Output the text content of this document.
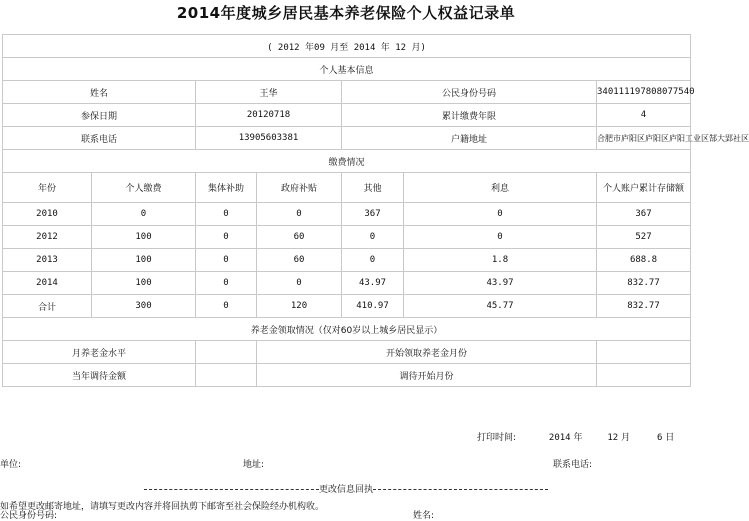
2014年度城乡居民基本养老保险个人权益记录单
( 2012 年09 月至 2014 年 12 月)						
个人基本信息						
姓名		王华		公民身份号码		340111197808077540
参保日期		20120718		累计缴费年限		4
联系电话		13905603381		户籍地址		合肥市庐阳区庐阳区庐阳工业区郜大郢社区
缴费情况						
年份	个人缴费	集体补助	政府补贴	其他	利息	个人账户累计存储额
2010	0	0	0	367	0	367
2012	100	0	60	0	0	527
2013	100	0	60	0	1.8	688.8
2014	100	0	0	43.97	43.97	832.77
合计	300	0	120	410.97	45.77	832.77
养老金领取情况（仅对60岁以上城乡居民显示）						
月养老金水平			开始领取养老金月份			
当年调待金额			调待开始月份			
打印时间:	2014 年	12 月	6 日
单位:	地址:	联系电话:
更改信息回执
如希望更改邮寄地址，请填写更改内容并将回执剪下邮寄至社会保险经办机构收。
公民身份号码:	姓名:
